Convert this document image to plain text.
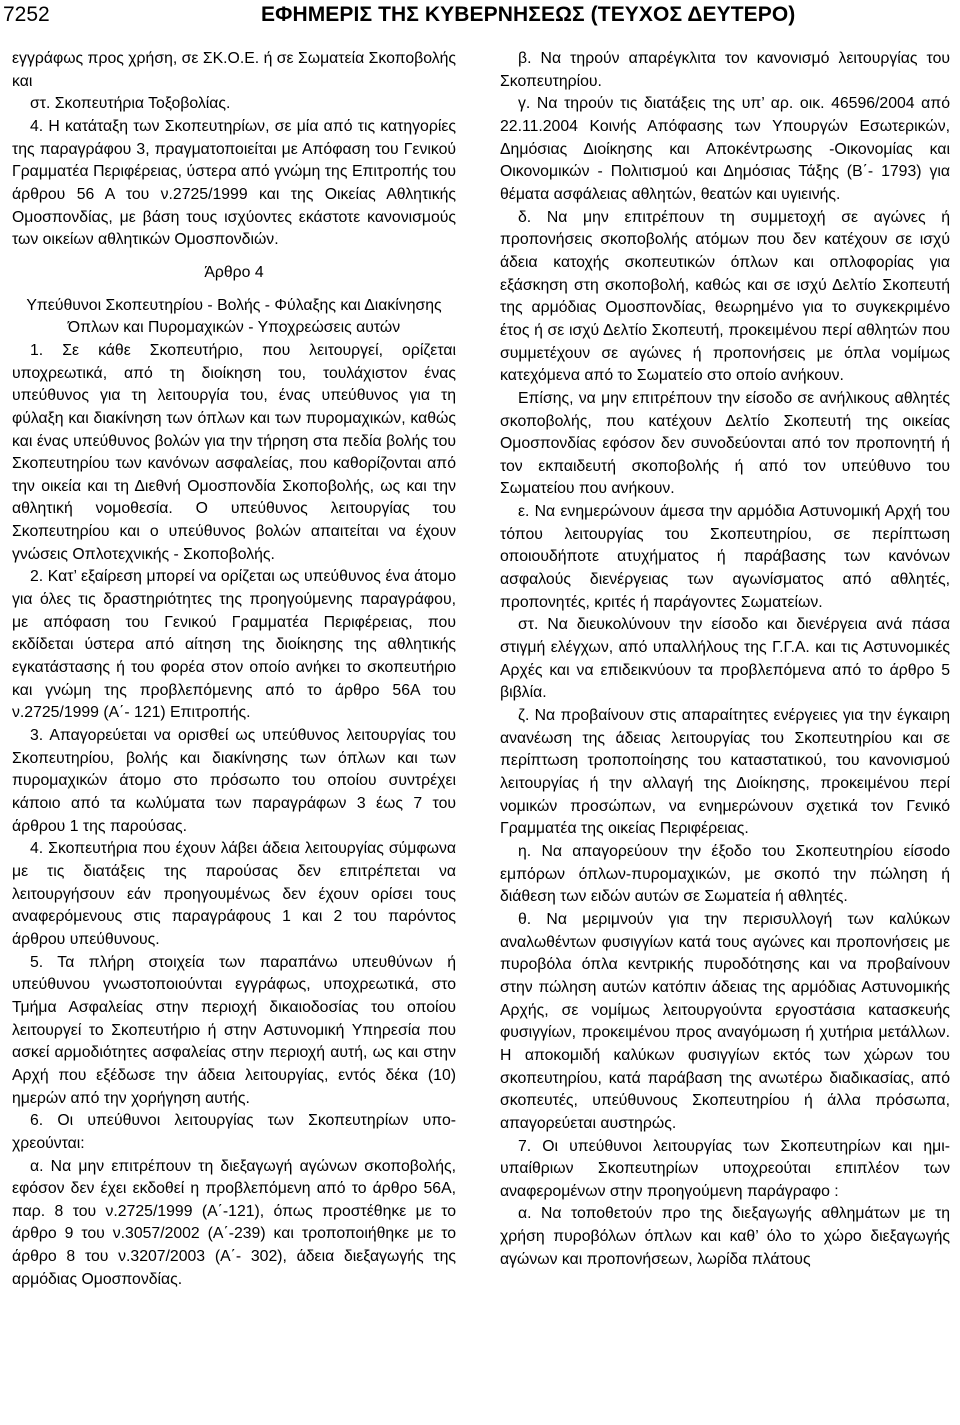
7252	ΕΦΗΜΕΡΙΣ ΤΗΣ ΚΥΒΕΡΝΗΣΕΩΣ (ΤΕΥΧΟΣ ΔΕΥΤΕΡΟ)

εγγράφως προς χρήση, σε ΣΚ.Ο.Ε. ή σε Σωματεία Σκοποβολής και

στ. Σκοπευτήρια Τοξοβολίας.

4. Η κατάταξη των Σκοπευτηρίων, σε μία από τις κατηγορίες της παραγράφου 3, πραγματοποιείται με Απόφαση του Γενικού Γραμματέα Περιφέρειας, ύστερα από γνώμη της Επιτροπής του άρθρου 56 Α του ν.2725/1999 και της Οικείας Αθλητικής Ομοσπονδίας, με βάση τους ισχύοντες εκάστοτε κανονισμούς των οικείων αθλητικών Ομοσπονδιών.

Άρθρο 4

Υπεύθυνοι Σκοπευτηρίου - Βολής - Φύλαξης και Διακίνησης Όπλων και Πυρομαχικών - Υποχρεώσεις αυτών

1. Σε κάθε Σκοπευτήριο, που λειτουργεί, ορίζεται υποχρεωτικά, από τη διοίκηση του, τουλάχιστον ένας υπεύθυνος για τη λειτουργία του, ένας υπεύθυνος για τη φύλαξη και διακίνηση των όπλων και των πυρομαχικών, καθώς και ένας υπεύθυνος βολών για την τήρηση στα πεδία βολής του Σκοπευτηρίου των κανόνων ασφαλείας, που καθορίζονται από την οικεία και τη Διεθνή Ομοσπονδία Σκοποβολής, ως και την αθλητική νομοθεσία. Ο υπεύθυνος λειτουργίας του Σκοπευτηρίου και ο υπεύθυνος βολών απαιτείται να έχουν γνώσεις Οπλοτεχνικής - Σκοποβολής.

2. Κατ’ εξαίρεση μπορεί να ορίζεται ως υπεύθυνος ένα άτομο για όλες τις δραστηριότητες της προηγούμενης παραγράφου, με απόφαση του Γενικού Γραμματέα Περιφέρειας, που εκδίδεται ύστερα από αίτηση της διοίκησης της αθλητικής εγκατάστασης ή του φορέα στον οποίο ανήκει το σκοπευτήριο και γνώμη της προβλεπόμενης από το άρθρο 56Α του ν.2725/1999 (Α΄- 121) Επιτροπής.

3. Απαγορεύεται να ορισθεί ως υπεύθυνος λειτουργίας του Σκοπευτηρίου, βολής και διακίνησης των όπλων και των πυρομαχικών άτομο στο πρόσωπο του οποίου συντρέχει κάποιο από τα κωλύματα των παραγράφων 3 έως 7 του άρθρου 1 της παρούσας.

4. Σκοπευτήρια που έχουν λάβει άδεια λειτουργίας σύμφωνα με τις διατάξεις της παρούσας δεν επιτρέπεται να λειτουργήσουν εάν προηγουμένως δεν έχουν ορίσει τους αναφερόμενους στις παραγράφους 1 και 2 του παρόντος άρθρου υπεύθυνους.

5. Τα πλήρη στοιχεία των παραπάνω υπευθύνων ή υπεύθυνου γνωστοποιούνται εγγράφως, υποχρεωτικά, στο Τμήμα Ασφαλείας στην περιοχή δικαιοδοσίας του οποίου λειτουργεί το Σκοπευτήριο ή στην Αστυνομική Υπηρεσία που ασκεί αρμοδιότητες ασφαλείας στην περιοχή αυτή, ως και στην Αρχή που εξέδωσε την άδεια λειτουργίας, εντός δέκα (10) ημερών από την χορήγηση αυτής.

6. Οι υπεύθυνοι λειτουργίας των Σκοπευτηρίων υποχρεούνται:

α. Να μην επιτρέπουν τη διεξαγωγή αγώνων σκοποβολής, εφόσον δεν έχει εκδοθεί η προβλεπόμενη από το άρθρο 56Α, παρ. 8 του ν.2725/1999 (Α΄-121), όπως προστέθηκε με το άρθρο 9 του ν.3057/2002 (Α΄-239) και τροποποιήθηκε με το άρθρο 8 του ν.3207/2003 (Α΄- 302), άδεια διεξαγωγής της αρμόδιας Ομοσπονδίας.

β. Να τηρούν απαρέγκλιτα τον κανονισμό λειτουργίας του Σκοπευτηρίου.

γ. Να τηρούν τις διατάξεις της υπ’ αρ. οικ. 46596/2004 από 22.11.2004 Κοινής Απόφασης των Υπουργών Εσωτερικών, Δημόσιας Διοίκησης και Αποκέντρωσης -Οικονομίας και Οικονομικών - Πολιτισμού και Δημόσιας Τάξης (Β΄- 1793) για θέματα ασφάλειας αθλητών, θεατών και υγιεινής.

δ. Να μην επιτρέπουν τη συμμετοχή σε αγώνες ή προπονήσεις σκοποβολής ατόμων που δεν κατέχουν σε ισχύ άδεια κατοχής σκοπευτικών όπλων και οπλοφορίας για εξάσκηση στη σκοποβολή, καθώς και σε ισχύ Δελτίο Σκοπευτή της αρμόδιας Ομοσπονδίας, θεωρημένο για το συγκεκριμένο έτος ή σε ισχύ Δελτίο Σκοπευτή, προκειμένου περί αθλητών που συμμετέχουν σε αγώνες ή προπονήσεις με όπλα νομίμως κατεχόμενα από το Σωματείο στο οποίο ανήκουν.

Επίσης, να μην επιτρέπουν την είσοδο σε ανήλικους αθλητές σκοποβολής, που κατέχουν Δελτίο Σκοπευτή της οικείας Ομοσπονδίας εφόσον δεν συνοδεύονται από τον προπονητή ή τον εκπαιδευτή σκοποβολής ή από τον υπεύθυνο του Σωματείου που ανήκουν.

ε. Να ενημερώνουν άμεσα την αρμόδια Αστυνομική Αρχή του τόπου λειτουργίας του Σκοπευτηρίου, σε περίπτωση οποιουδήποτε ατυχήματος ή παράβασης των κανόνων ασφαλούς διενέργειας των αγωνίσματος από αθλητές, προπονητές, κριτές ή παράγοντες Σωματείων.

στ. Να διευκολύνουν την είσοδο και διενέργεια ανά πάσα στιγμή ελέγχων, από υπαλλήλους της Γ.Γ.Α. και τις Αστυνομικές Αρχές και να επιδεικνύουν τα προβλεπόμενα από το άρθρο 5 βιβλία.

ζ. Να προβαίνουν στις απαραίτητες ενέργειες για την έγκαιρη ανανέωση της άδειας λειτουργίας του Σκοπευτηρίου και σε περίπτωση τροποποίησης του καταστατικού, του κανονισμού λειτουργίας ή την αλλαγή της Διοίκησης, προκειμένου περί νομικών προσώπων, να ενημερώνουν σχετικά τον Γενικό Γραμματέα της οικείας Περιφέρειας.

η. Να απαγορεύουν την έξοδο του Σκοπευτηρίου είσοdο εμπόρων όπλων-πυρομαχικών, με σκοπό την πώληση ή διάθεση των ειδών αυτών σε Σωματεία ή αθλητές.

θ. Να μεριμνούν για την περισυλλογή των καλύκων αναλωθέντων φυσιγγίων κατά τους αγώνες και προπονήσεις με πυροβόλα όπλα κεντρικής πυροδότησης και να προβαίνουν στην πώληση αυτών κατόπιν άδειας της αρμόδιας Αστυνομικής Αρχής, σε νομίμως λειτουργούντα εργοστάσια κατασκευής φυσιγγίων, προκειμένου προς αναγόμωση ή χυτήρια μετάλλων. Η αποκομιδή καλύκων φυσιγγίων εκτός των χώρων του σκοπευτηρίου, κατά παράβαση της ανωτέρω διαδικασίας, από σκοπευτές, υπεύθυνους Σκοπευτηρίου ή άλλα πρόσωπα, απαγορεύεται αυστηρώς.

7. Οι υπεύθυνοι λειτουργίας των Σκοπευτηρίων και ημιυπαίθριων Σκοπευτηρίων υποχρεούται επιπλέον των αναφερομένων στην προηγούμενη παράγραφο :

α. Να τοποθετούν προ της διεξαγωγής αθλημάτων με τη χρήση πυροβόλων όπλων και καθ’ όλο το χώρο διεξαγωγής αγώνων και προπονήσεων, λωρίδα πλάτους
